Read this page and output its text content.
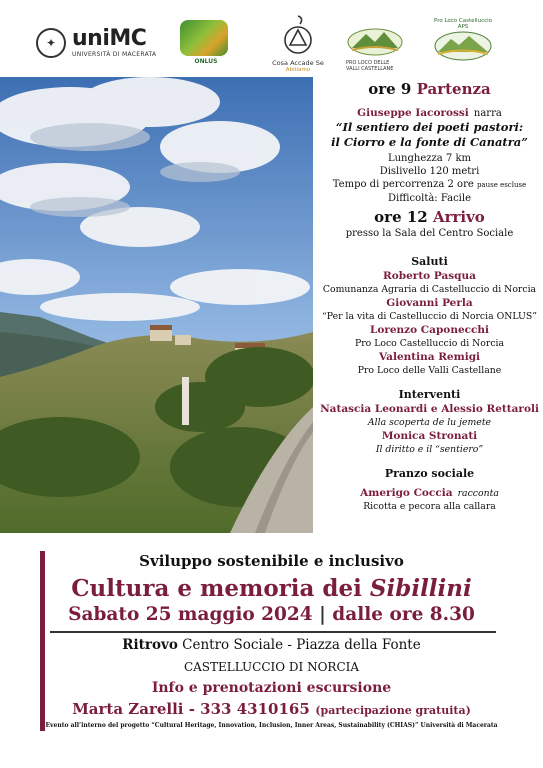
✦ uniMC
UNIVERSITÀ DI MACERATA
ONLUS	Cosa Accade Se
Abitiamo
PRO LOCO DELLE VALLI CASTELLANE
Pro Loco Castelluccio APS
ore 9 Partenza
Giuseppe Iacorossi narra
“Il sentiero dei poeti pastori:
il Ciorro e la fonte di Canatra”
Lunghezza 7 km
Dislivello 120 metri
Tempo di percorrenza 2 ore pause escluse
Difficoltà: Facile
ore 12 Arrivo
presso la Sala del Centro Sociale
Saluti
Roberto Pasqua
Comunanza Agraria di Castelluccio di Norcia
Giovanni Perla
“Per la vita di Castelluccio di Norcia ONLUS”
Lorenzo Caponecchi
Pro Loco Castelluccio di Norcia
Valentina Remigi
Pro Loco delle Valli Castellane
Interventi
Natascia Leonardi e Alessio Rettaroli
Alla scoperta de lu jemete
Monica Stronati
Il diritto e il “sentiero”
Pranzo sociale
Amerigo Coccia racconta
Ricotta e pecora alla callara
Sviluppo sostenibile e inclusivo
Cultura e memoria dei Sibillini
Sabato 25 maggio 2024 | dalle ore 8.30
Ritrovo Centro Sociale - Piazza della Fonte
CASTELLUCCIO DI NORCIA
Info e prenotazioni escursione
Marta Zarelli - 333 4310165 (partecipazione gratuita)
Evento all’interno del progetto “Cultural Heritage, Innovation, Inclusion, Inner Areas, Sustainability (CHIAS)” Università di Macerata
